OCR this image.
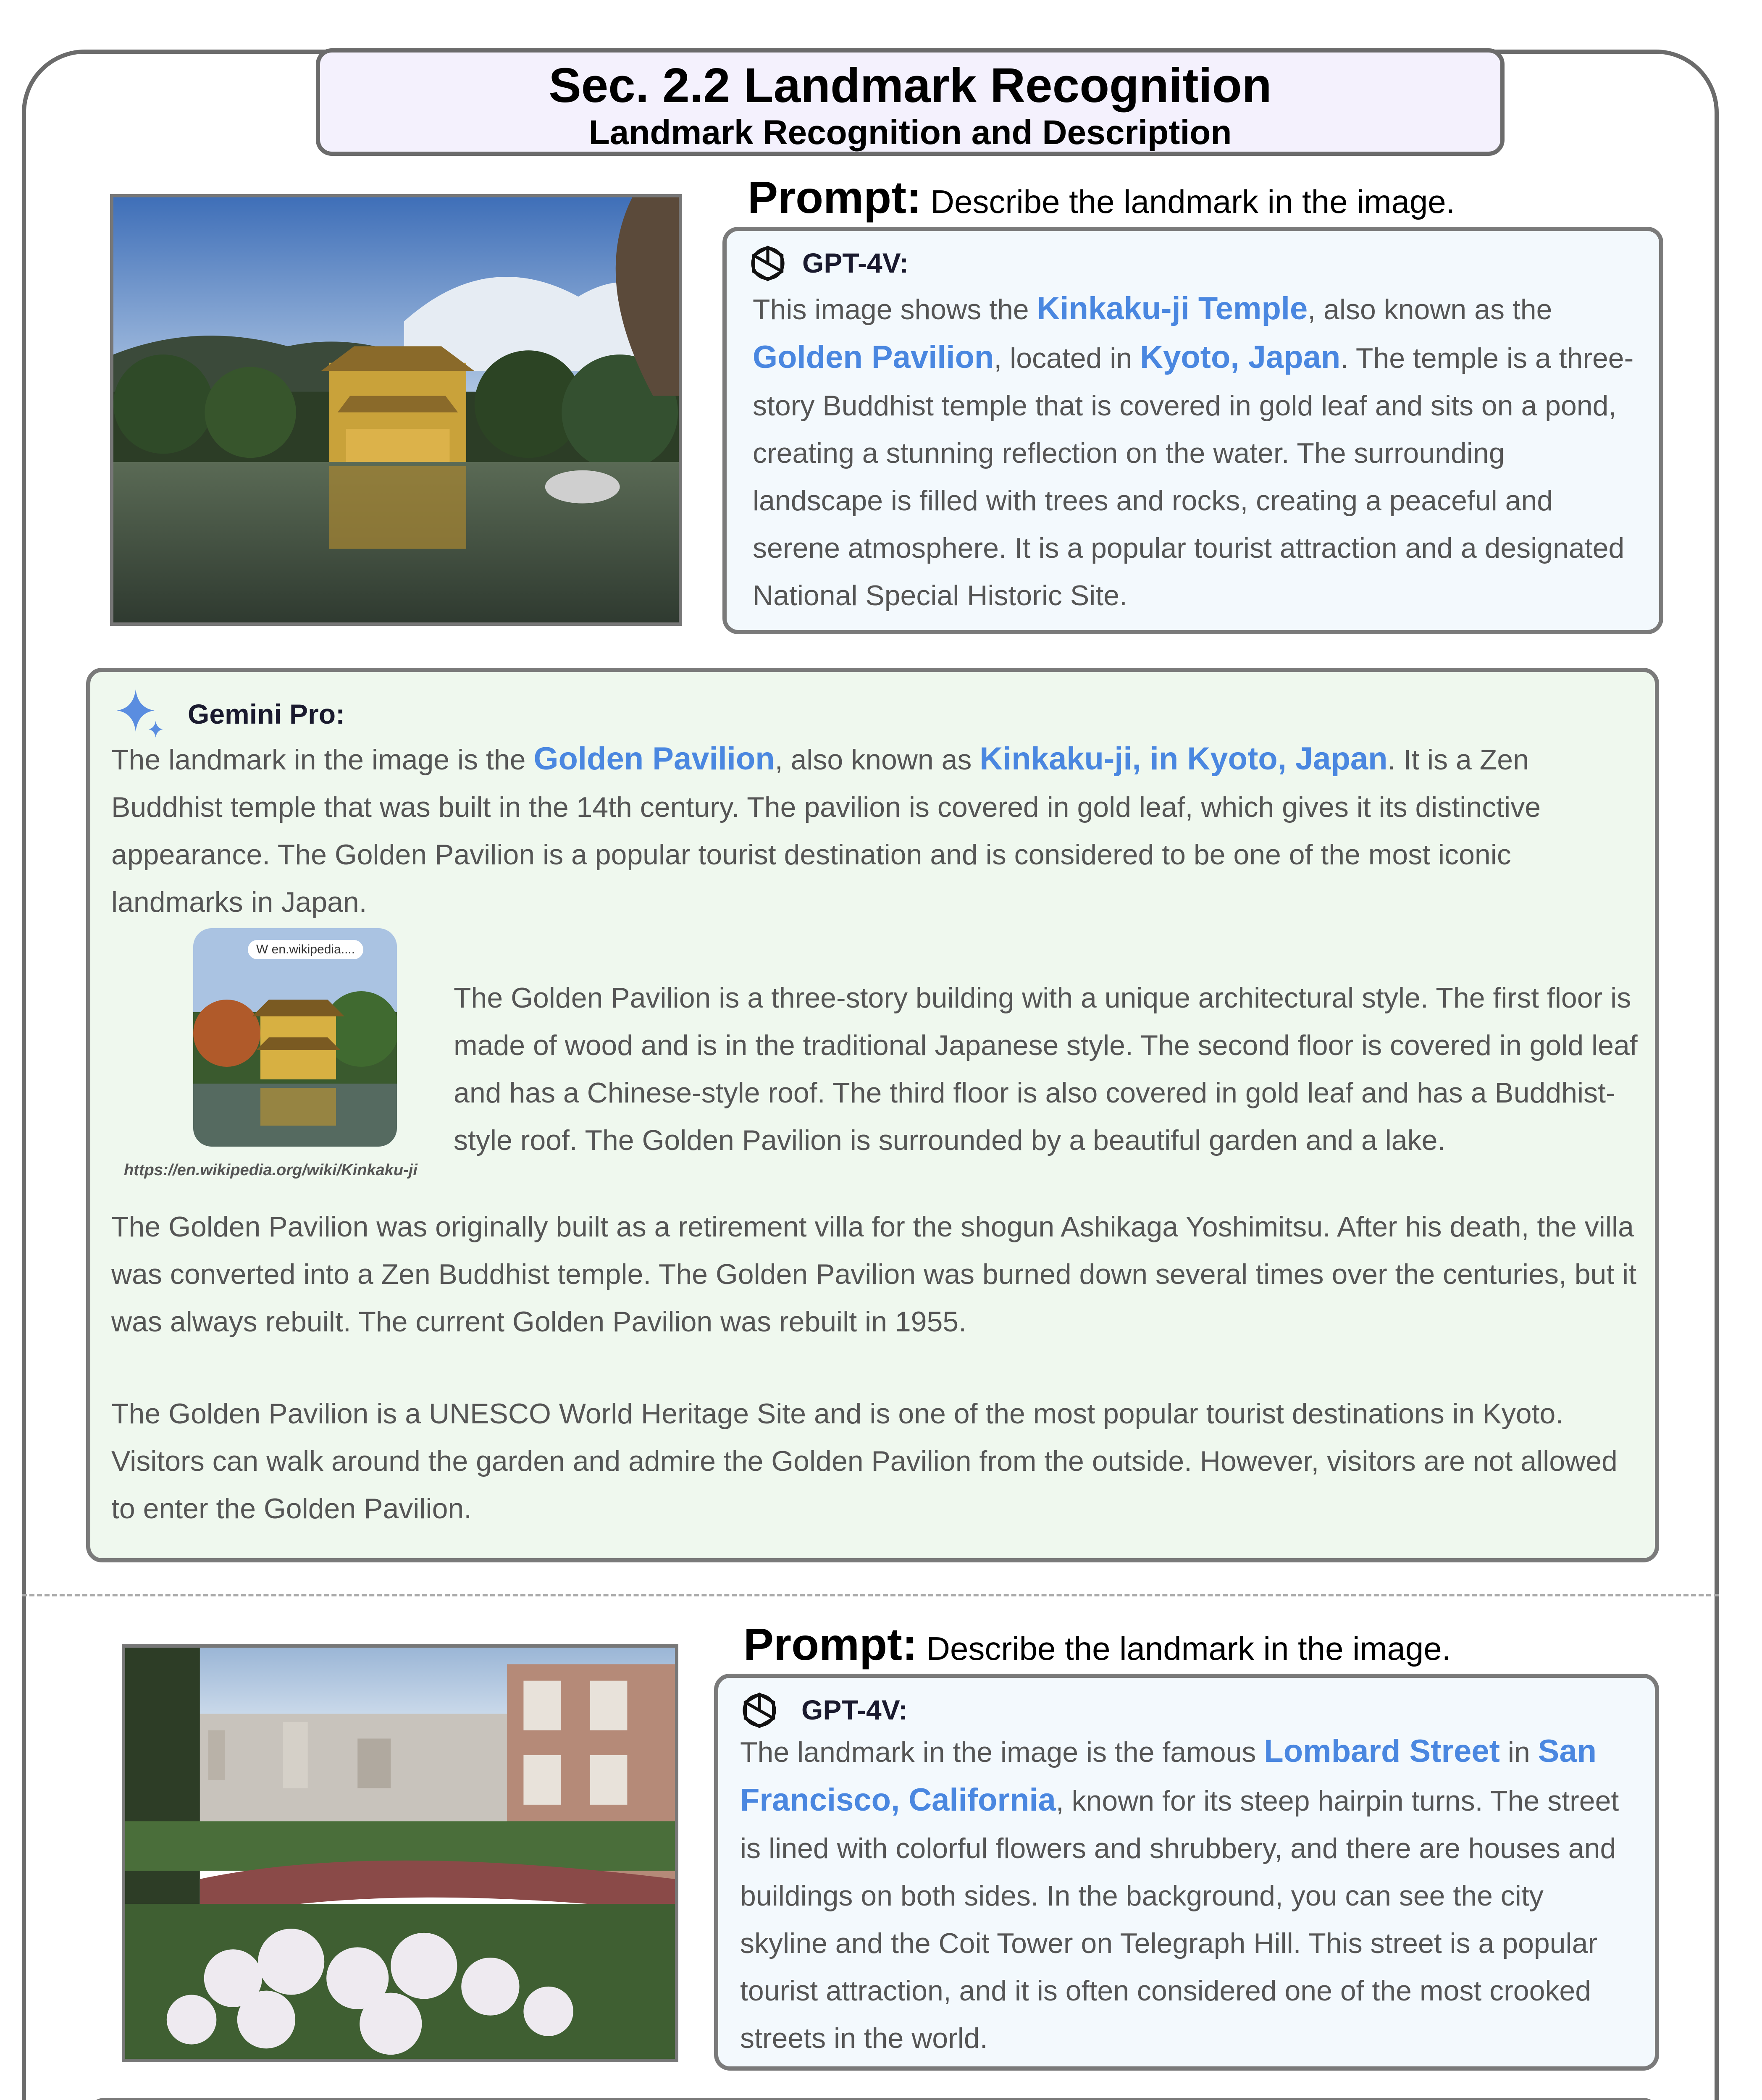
Sec. 2.2 Landmark Recognition
Landmark Recognition and Description
Prompt: Describe the landmark in the image.
GPT-4V:
This image shows the Kinkaku-ji Temple, also known as the Golden Pavilion, located in Kyoto, Japan. The temple is a three-story Buddhist temple that is covered in gold leaf and sits on a pond, creating a stunning reflection on the water. The surrounding landscape is filled with trees and rocks, creating a peaceful and serene atmosphere. It is a popular tourist attraction and a designated National Special Historic Site.
Gemini Pro:
The landmark in the image is the Golden Pavilion, also known as Kinkaku-ji, in Kyoto, Japan. It is a Zen Buddhist temple that was built in the 14th century. The pavilion is covered in gold leaf, which gives it its distinctive appearance. The Golden Pavilion is a popular tourist destination and is considered to be one of the most iconic landmarks in Japan.
W en.wikipedia....
https://en.wikipedia.org/wiki/Kinkaku-ji
The Golden Pavilion is a three-story building with a unique architectural style. The first floor is made of wood and is in the traditional Japanese style. The second floor is covered in gold leaf and has a Chinese-style roof. The third floor is also covered in gold leaf and has a Buddhist-style roof. The Golden Pavilion is surrounded by a beautiful garden and a lake.
The Golden Pavilion was originally built as a retirement villa for the shogun Ashikaga Yoshimitsu. After his death, the villa was converted into a Zen Buddhist temple. The Golden Pavilion was burned down several times over the centuries, but it was always rebuilt. The current Golden Pavilion was rebuilt in 1955.
The Golden Pavilion is a UNESCO World Heritage Site and is one of the most popular tourist destinations in Kyoto. Visitors can walk around the garden and admire the Golden Pavilion from the outside. However, visitors are not allowed to enter the Golden Pavilion.
Prompt: Describe the landmark in the image.
GPT-4V:
The landmark in the image is the famous Lombard Street in San Francisco, California, known for its steep hairpin turns. The street is lined with colorful flowers and shrubbery, and there are houses and buildings on both sides. In the background, you can see the city skyline and the Coit Tower on Telegraph Hill. This street is a popular tourist attraction, and it is often considered one of the most crooked streets in the world.
